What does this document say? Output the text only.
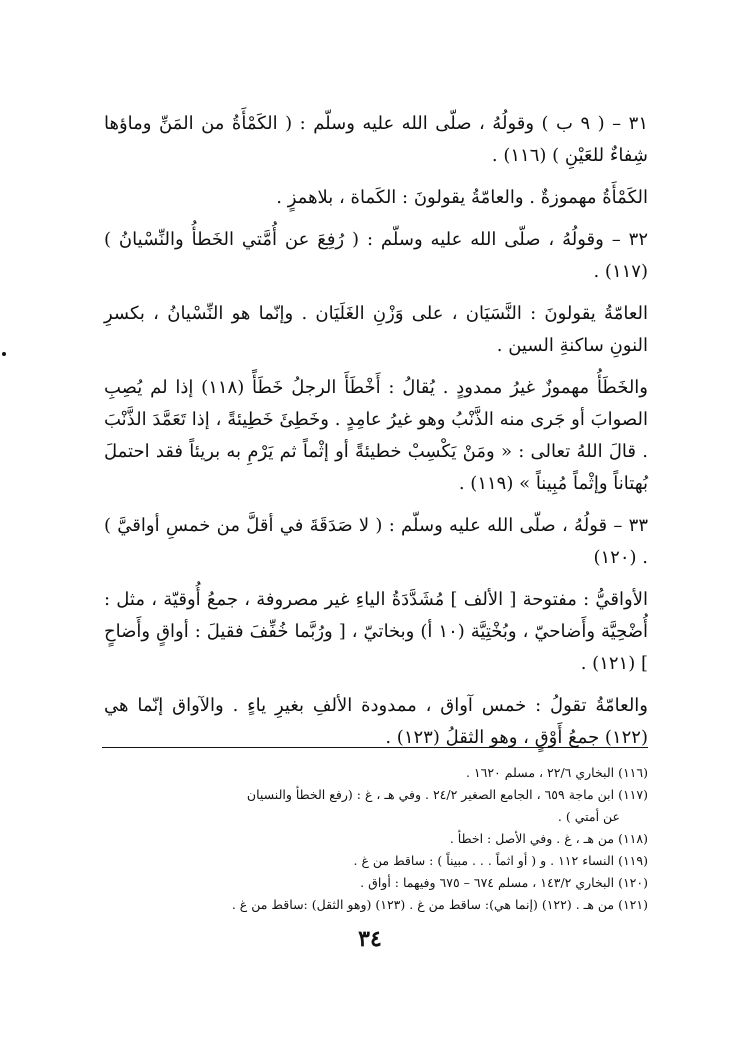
٣١ – ( ٩ ب ) وقولُهُ ، صلّى الله عليه وسلّم : ( الكَمْأَةُ من المَنِّ وماؤها شِفاءٌ للعَيْنِ ) (١١٦) .

الكَمْأَةُ مهموزةٌ . والعامّةُ يقولونَ : الكَماة ، بلاهمزٍ .

٣٢ – وقولُهُ ، صلّى الله عليه وسلّم : ( رُفِعَ عن أُمَّتي الخَطأُ والنِّسْيانُ ) (١١٧) .

العامّةُ يقولونَ : النَّسَيَان ، على وَزْنِ الغَلَيَان . وإنّما هو النِّسْيانُ ، بكسرِ النونِ ساكنةِ السين .

والخَطَأُ مهموزٌ غيرُ ممدودٍ . يُقالُ : أَخْطَأَ الرجلُ خَطَأً (١١٨) إذا لم يُصِبِ الصوابَ أو جَرى منه الذَّنْبُ وهو غيرُ عامِدٍ . وخَطِئَ خَطِيئةً ، إذا تَعَمَّدَ الذَّنْبَ . قالَ اللهُ تعالى : « ومَنْ يَكْسِبْ خطيئةً أو إثْماً ثم يَرْمِ به بريئاً فقد احتملَ بُهتاناً وإثْماً مُبِيناً » (١١٩) .

٣٣ – قولُهُ ، صلّى الله عليه وسلّم : ( لا صَدَقَةَ في أقلَّ من خمسِ أواقيَّ ) . (١٢٠)

الأواقيُّ : مفتوحة [ الألف ] مُشَدَّدَةُ الياءِ غير مصروفة ، جمعُ أُوقيّة ، مثل : أُضْحِيَّة وأَضاحيّ ، وبُخْتِيَّة (١٠ أ) وبخاتيّ ، [ ورُبَّما خُفِّفَ فقيلَ : أواقٍ وأَضاحٍ ] (١٢١) .

والعامّةُ تقولُ : خمس آواق ، ممدودة الألفِ بغيرِ ياءٍ . والآواق إنّما هي (١٢٢) جمعُ أَوْقٍ ، وهو الثقلُ (١٢٣) .

(١١٦) البخاري ٢٢/٦ ، مسلم ١٦٢٠ .

(١١٧) ابن ماجة ٦٥٩ ، الجامع الصغير ٢٤/٢ . وفي هـ ، غ : (رفع الخطأ والنسيان

عن أمتي ) .

(١١٨) من هـ ، غ . وفي الأصل : اخطأ .

(١١٩) النساء ١١٢ . و ( أو اثماً . . . مبيناً ) : ساقط من غ .

(١٢٠) البخاري ١٤٣/٢ ، مسلم ٦٧٤ – ٦٧٥ وفيهما : أواق .

(١٢١) من هـ . (١٢٢) (إنما هي): ساقط من غ . (١٢٣) (وهو الثقل) :ساقط من غ .

٣٤
